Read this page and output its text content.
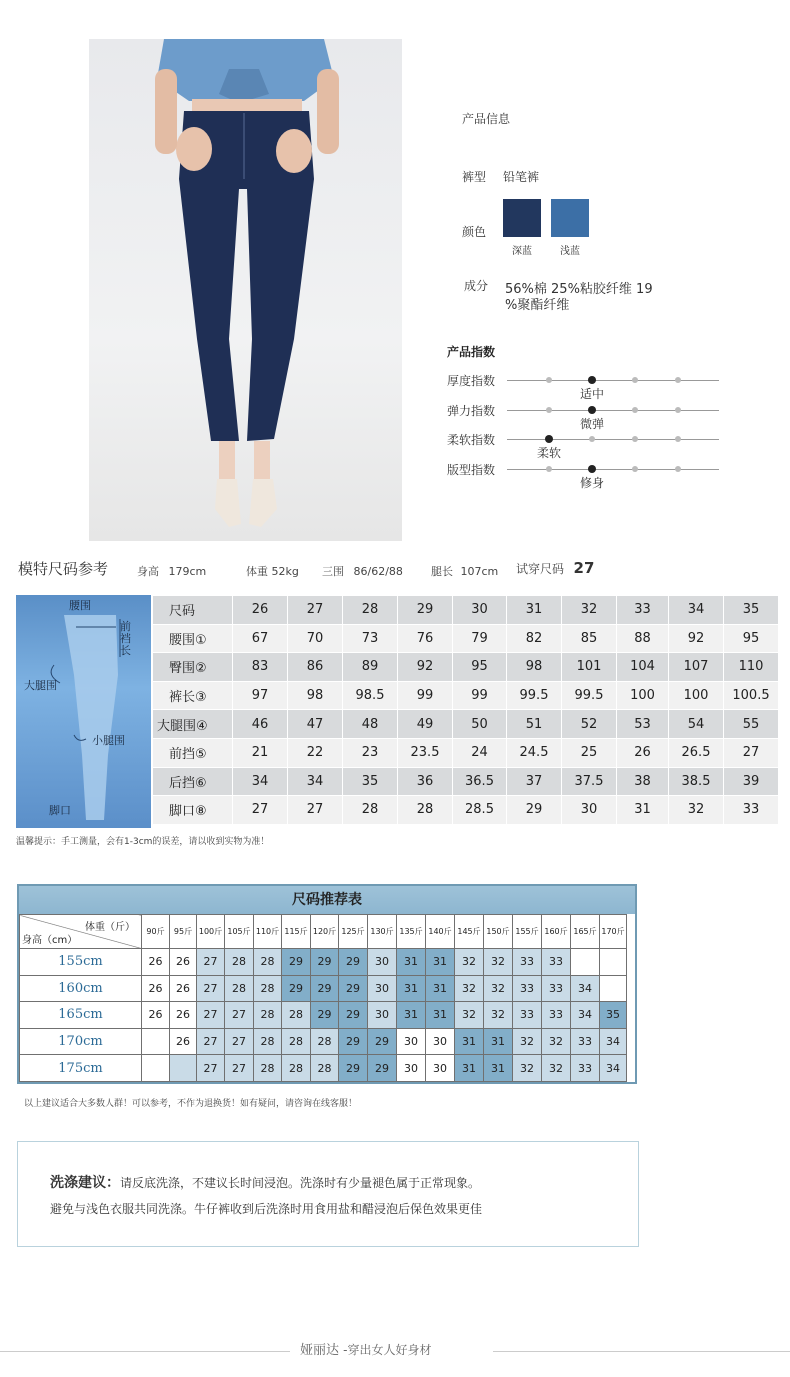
产品信息
裤型 铅笔裤
颜色
深蓝	浅蓝
成分 56%棉 25%粘胶纤维 19
%聚酯纤维
产品指数
厚度指数
适中
弹力指数
微弹
柔软指数
柔软
版型指数
修身
模特尺码参考	身高 179cm	体重 52kg 三围 86/62/88	腿长 107cm 试穿尺码 27
腰围
前裆长
大腿围
小腿围
脚口
尺码	26	27	28	29	30	31	32	33	34	35
腰围①	67	70	73	76	79	82	85	88	92	95
臀围②	83	86	89	92	95	98	101	104	107	110
裤长③	97	98	98.5	99	99	99.5	99.5	100	100	100.5
大腿围④	46	47	48	49	50	51	52	53	54	55
前挡⑤	21	22	23	23.5	24	24.5	25	26	26.5	27
后挡⑥	34	34	35	36	36.5	37	37.5	38	38.5	39
脚口⑧	27	27	28	28	28.5	29	30	31	32	33
温馨提示：手工测量，会有1-3cm的误差，请以收到实物为准！
尺码推荐表
体重（斤）
身高（cm）	90斤	95斤	100斤	105斤	110斤	115斤	120斤	125斤	130斤	135斤	140斤	145斤	150斤	155斤	160斤	165斤	170斤
155cm	26	26	27	28	28	29	29	29	30	31	31	32	32	33	33		
160cm	26	26	27	28	28	29	29	29	30	31	31	32	32	33	33	34	
165cm	26	26	27	27	28	28	29	29	30	31	31	32	32	33	33	34	35
170cm		26	27	27	28	28	28	29	29	30	30	31	31	32	32	33	34
175cm			27	27	28	28	28	29	29	30	30	31	31	32	32	33	34
以上建议适合大多数人群！可以参考，不作为退换货！如有疑问，请咨询在线客服！
洗涤建议：请反底洗涤，不建议长时间浸泡。洗涤时有少量褪色属于正常现象。
避免与浅色衣服共同洗涤。牛仔裤收到后洗涤时用食用盐和醋浸泡后保色效果更佳
娅丽达 -穿出女人好身材
